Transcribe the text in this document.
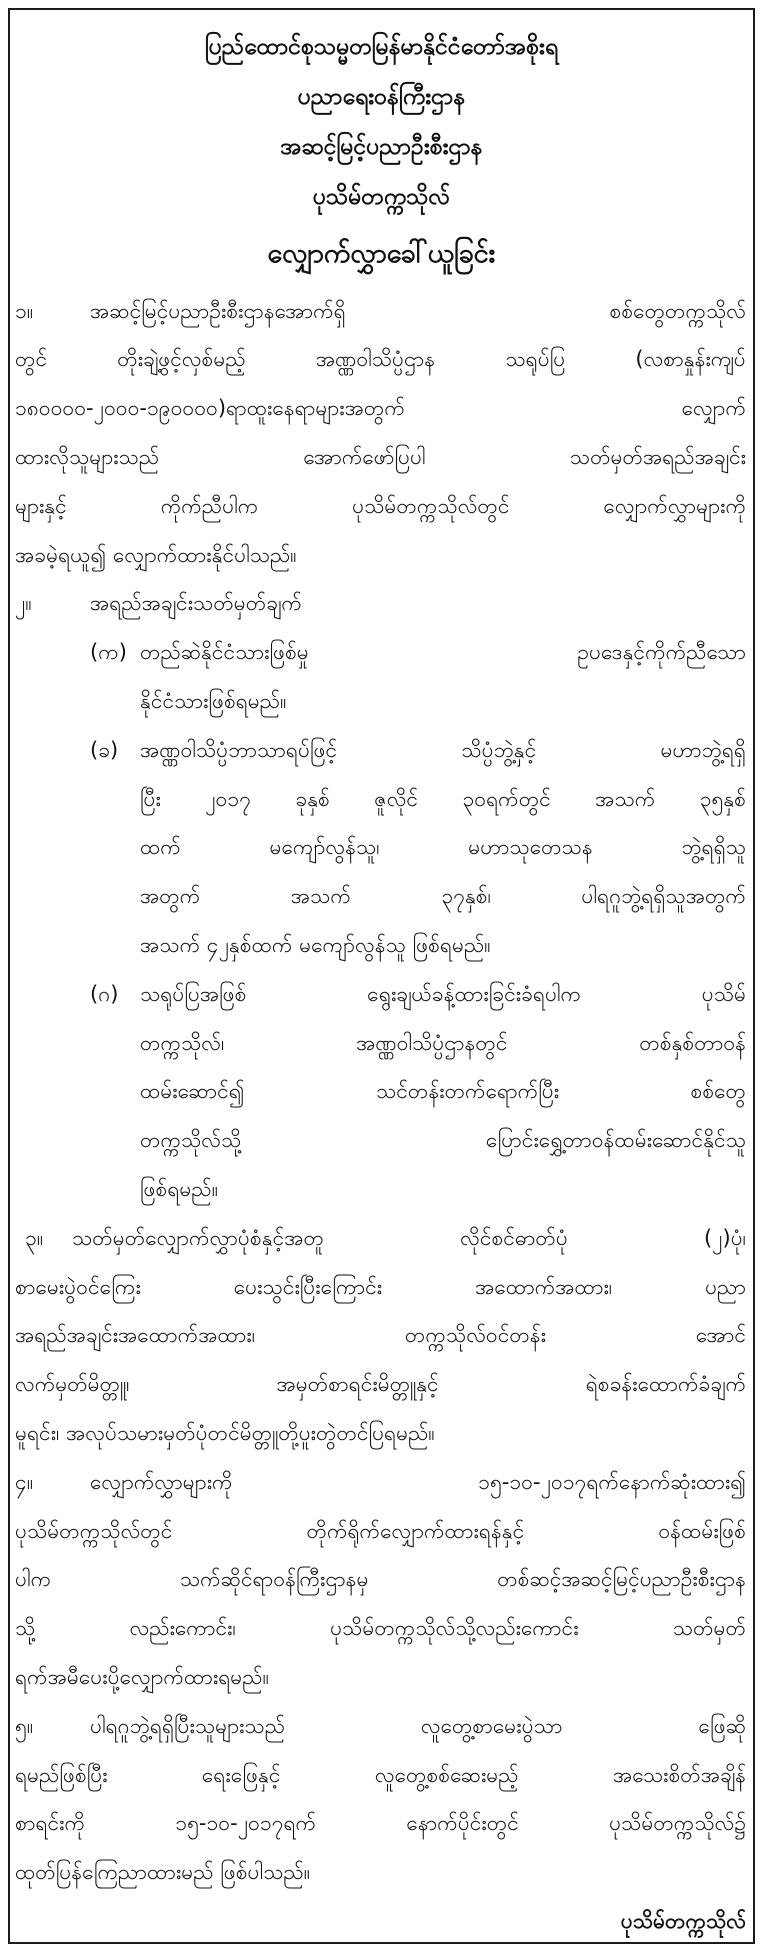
ပြည်ထောင်စုသမ္မတမြန်မာနိုင်ငံတော်အစိုးရ
ပညာရေးဝန်ကြီးဌာန
အဆင့်မြင့်ပညာဦးစီးဌာန
ပုသိမ်တက္ကသိုလ်
လျှောက်လွှာခေါ်ယူခြင်း
၁။	အဆင့်မြင့်ပညာဦးစီးဌာနအောက်ရှိ စစ်တွေတက္ကသိုလ်
တွင် တိုးချဲ့ဖွင့်လှစ်မည့် အဏ္ဏဝါသိပ္ပံဌာန သရုပ်ပြ (လစာနှုန်းကျပ်
၁၈၀၀၀၀-၂၀၀၀-၁၉၀၀၀၀)ရာထူးနေရာများအတွက် လျှောက်
ထားလိုသူများသည် အောက်ဖော်ပြပါ သတ်မှတ်အရည်အချင်း
များနှင့် ကိုက်ညီပါက ပုသိမ်တက္ကသိုလ်တွင် လျှောက်လွှာများကို
အခမဲ့ရယူ၍ လျှောက်ထားနိုင်ပါသည်။
၂။	အရည်အချင်းသတ်မှတ်ချက်
(က) တည်ဆဲနိုင်ငံသားဖြစ်မှု ဥပဒေနှင့်ကိုက်ညီသော
နိုင်ငံသားဖြစ်ရမည်။
(ခ) အဏ္ဏဝါသိပ္ပံဘာသာရပ်ဖြင့် သိပ္ပံဘွဲ့နှင့် မဟာဘွဲ့ရရှိ
ပြီး ၂၀၁၇ ခုနှစ် ဇူလိုင် ၃၀ရက်တွင် အသက် ၃၅နှစ်
ထက် မကျော်လွန်သူ၊ မဟာသုတေသန ဘွဲ့ရရှိသူ
အတွက် အသက် ၃၇နှစ်၊ ပါရဂူဘွဲ့ရရှိသူအတွက်
အသက် ၄၂နှစ်ထက် မကျော်လွန်သူ ဖြစ်ရမည်။
(ဂ) သရုပ်ပြအဖြစ် ရွေးချယ်ခန့်ထားခြင်းခံရပါက ပုသိမ်
တက္ကသိုလ်၊ အဏ္ဏဝါသိပ္ပံဌာနတွင် တစ်နှစ်တာဝန်
ထမ်းဆောင်၍ သင်တန်းတက်ရောက်ပြီး စစ်တွေ
တက္ကသိုလ်သို့ ပြောင်းရွှေ့တာဝန်ထမ်းဆောင်နိုင်သူ
ဖြစ်ရမည်။
၃။ သတ်မှတ်လျှောက်လွှာပုံစံနှင့်အတူ လိုင်စင်ဓာတ်ပုံ (၂)ပုံ၊
စာမေးပွဲဝင်ကြေး ပေးသွင်းပြီးကြောင်း အထောက်အထား၊ ပညာ
အရည်အချင်းအထောက်အထား၊ တက္ကသိုလ်ဝင်တန်း အောင်
လက်မှတ်မိတ္တူ၊ အမှတ်စာရင်းမိတ္တူနှင့် ရဲစခန်းထောက်ခံချက်
မူရင်း၊ အလုပ်သမားမှတ်ပုံတင်မိတ္တူတို့ပူးတွဲတင်ပြရမည်။
၄။	လျှောက်လွှာများကို ၁၅-၁၀-၂၀၁၇ရက်နောက်ဆုံးထား၍
ပုသိမ်တက္ကသိုလ်တွင် တိုက်ရိုက်လျှောက်ထားရန်နှင့် ဝန်ထမ်းဖြစ်
ပါက သက်ဆိုင်ရာဝန်ကြီးဌာနမှ တစ်ဆင့်အဆင့်မြင့်ပညာဦးစီးဌာန
သို့ လည်းကောင်း၊ ပုသိမ်တက္ကသိုလ်သို့လည်းကောင်း သတ်မှတ်
ရက်အမီပေးပို့လျှောက်ထားရမည်။
၅။	ပါရဂူဘွဲ့ရရှိပြီးသူများသည် လူတွေ့စာမေးပွဲသာ ဖြေဆို
ရမည်ဖြစ်ပြီး ရေးဖြေနှင့် လူတွေ့စစ်ဆေးမည့် အသေးစိတ်အချိန်
စာရင်းကို ၁၅-၁၀-၂၀၁၇ရက် နောက်ပိုင်းတွင် ပုသိမ်တက္ကသိုလ်၌
ထုတ်ပြန်ကြေညာထားမည် ဖြစ်ပါသည်။
ပုသိမ်တက္ကသိုလ်
